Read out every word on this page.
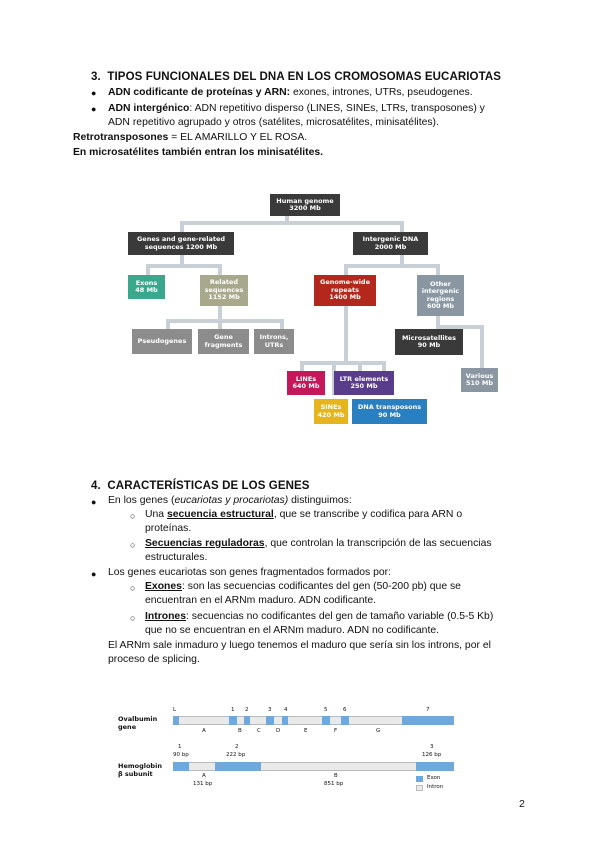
3. TIPOS FUNCIONALES DEL DNA EN LOS CROMOSOMAS EUCARIOTAS
● ADN codificante de proteínas y ARN: exones, intrones, UTRs, pseudogenes.
● ADN intergénico: ADN repetitivo disperso (LINES, SINEs, LTRs, transposones) y
ADN repetitivo agrupado y otros (satélites, microsatélites, minisatélites).
Retrotransposones = EL AMARILLO Y EL ROSA.
En microsatélites también entran los minisatélites.
Human genome
3200 Mb
Genes and gene-related
sequences 1200 Mb
Intergenic DNA
2000 Mb
Exons
48 Mb
Related
sequences
1152 Mb
Genome-wide
repeats
1400 Mb
Other
intergenic
regions
600 Mb
Pseudogenes	Gene
fragments
Introns,
UTRs
Microsatellites
90 Mb
Various
510 Mb
LINEs
640 Mb
LTR elements
250 Mb
SINEs
420 Mb
DNA transposons
90 Mb
4. CARACTERÍSTICAS DE LOS GENES
● En los genes (eucariotas y procariotas) distinguimos:
○ Una secuencia estructural, que se transcribe y codifica para ARN o
proteínas.
○ Secuencias reguladoras, que controlan la transcripción de las secuencias
estructurales.
● Los genes eucariotas son genes fragmentados formados por:
○ Exones: son las secuencias codificantes del gen (50-200 pb) que se
encuentran en el ARNm maduro. ADN codificante.
○ Intrones: secuencias no codificantes del gen de tamaño variable (0.5-5 Kb)
que no se encuentran en el ARNm maduro. ADN no codificante.
El ARNm sale inmaduro y luego tenemos el maduro que sería sin los introns, por el
proceso de splicing.
Ovalbumin
gene
L	1 2	3 4	5	6	7
A	B	C	D	E	F	G
Hemoglobin
β subunit
1
90 bp
2
222 bp
3
126 bp
A
131 bp
B
851 bp
Exon
Intron
2
